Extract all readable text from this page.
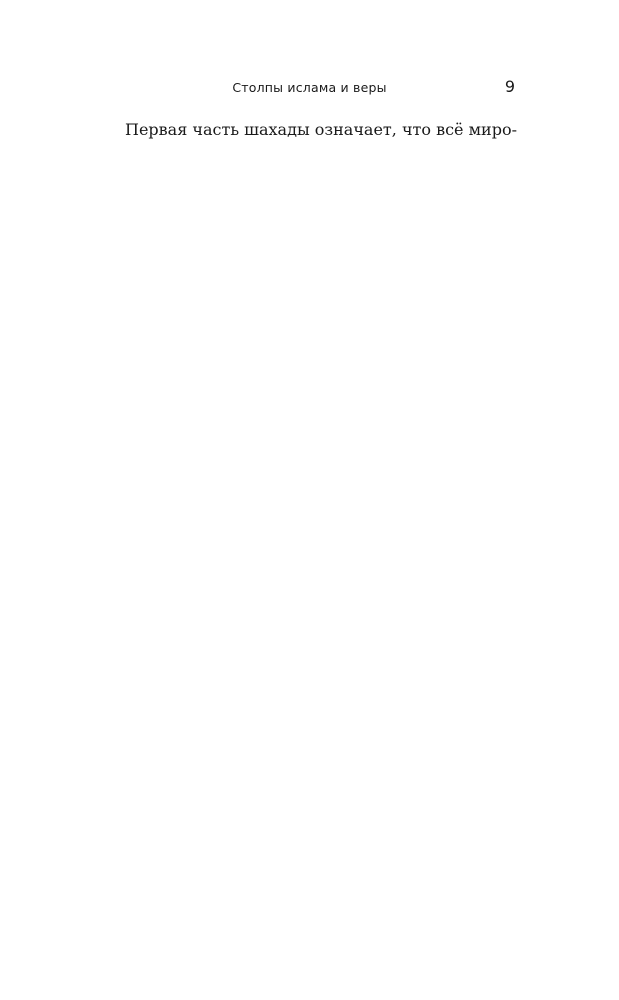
Столпы ислама и веры	9
Первая часть шахады означает, что всё миро-
